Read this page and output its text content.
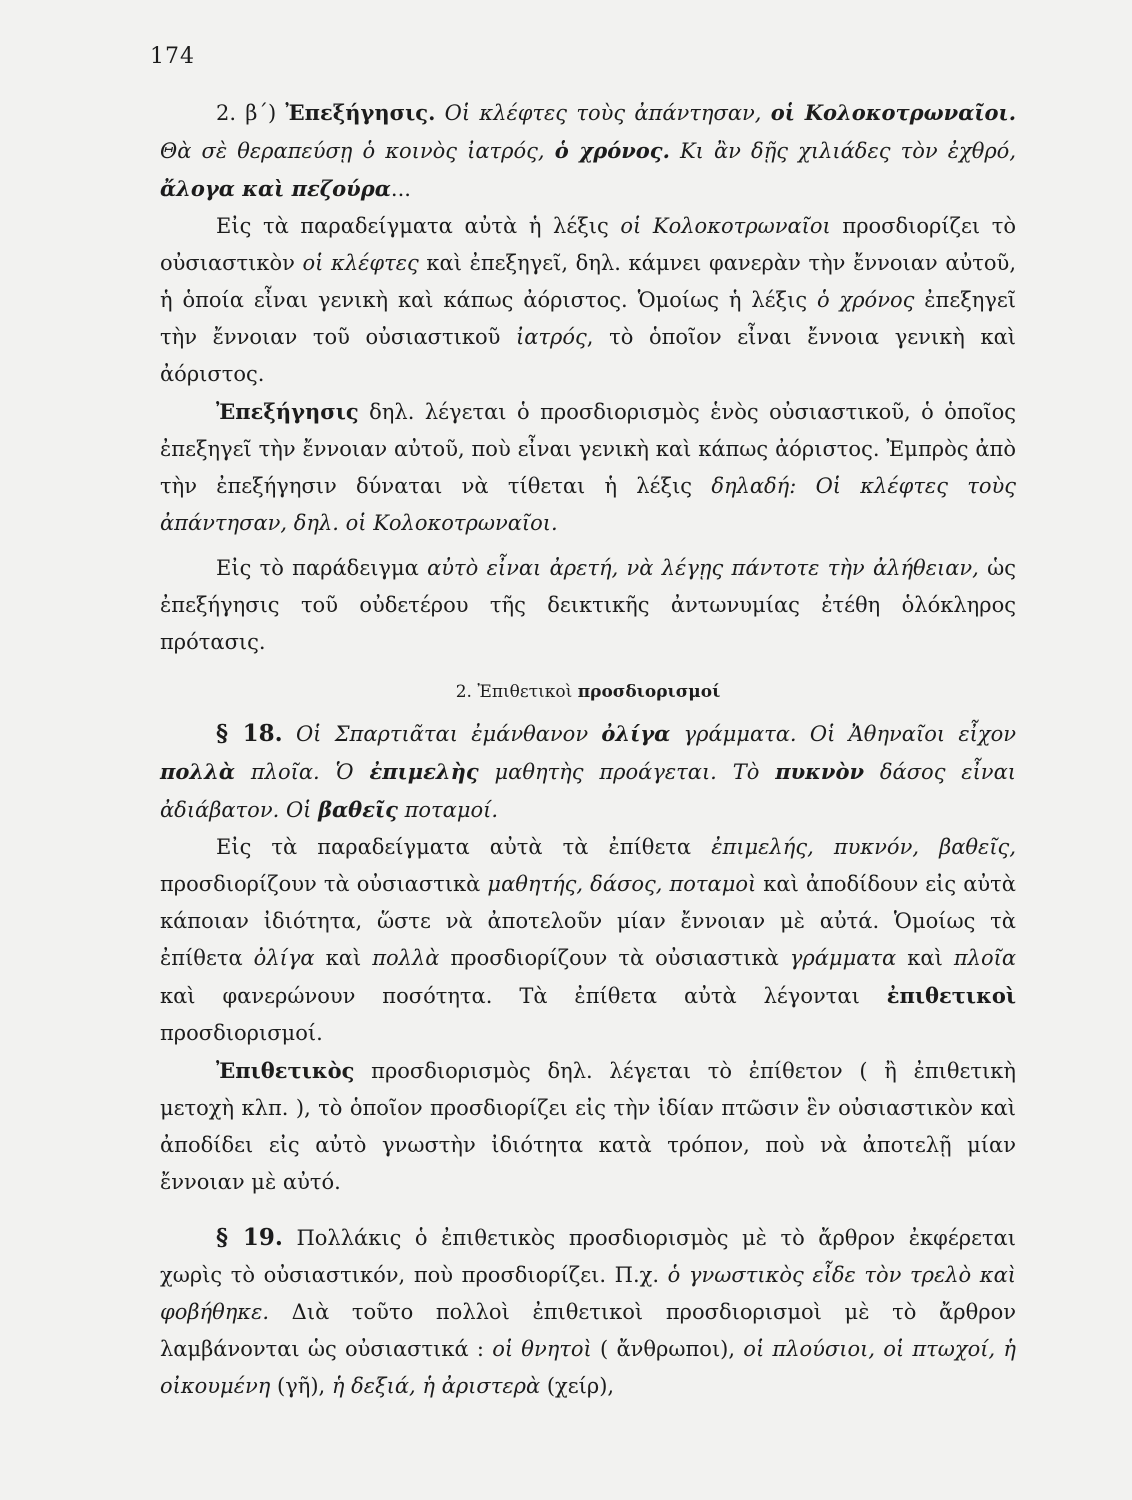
174

2. β΄) Ἐπεξήγησις. Οἱ κλέφτες τοὺς ἀπάντησαν, οἱ Κολοκοτρωναῖοι. Θὰ σὲ θεραπεύσῃ ὁ κοινὸς ἰατρός, ὁ χρόνος. Κι ἂν δῇς χιλιάδες τὸν ἐχθρό, ἄλογα καὶ πεζούρα...

Εἰς τὰ παραδείγματα αὐτὰ ἡ λέξις οἱ Κολοκοτρωναῖοι προσδιορίζει τὸ οὐσιαστικὸν οἱ κλέφτες καὶ ἐπεξηγεῖ, δηλ. κάμνει φανερὰν τὴν ἔννοιαν αὐτοῦ, ἡ ὁποία εἶναι γενικὴ καὶ κάπως ἀόριστος. Ὁμοίως ἡ λέξις ὁ χρόνος ἐπεξηγεῖ τὴν ἔννοιαν τοῦ οὐσιαστικοῦ ἰατρός, τὸ ὁποῖον εἶναι ἔννοια γενικὴ καὶ ἀόριστος.

Ἐπεξήγησις δηλ. λέγεται ὁ προσδιορισμὸς ἑνὸς οὐσιαστικοῦ, ὁ ὁποῖος ἐπεξηγεῖ τὴν ἔννοιαν αὐτοῦ, ποὺ εἶναι γενικὴ καὶ κάπως ἀόριστος. Ἐμπρὸς ἀπὸ τὴν ἐπεξήγησιν δύναται νὰ τίθεται ἡ λέξις δηλαδή: Οἱ κλέφτες τοὺς ἀπάντησαν, δηλ. οἱ Κολοκοτρωναῖοι.

Εἰς τὸ παράδειγμα αὐτὸ εἶναι ἀρετή, νὰ λέγῃς πάντοτε τὴν ἀλήθειαν, ὡς ἐπεξήγησις τοῦ οὐδετέρου τῆς δεικτικῆς ἀντωνυμίας ἐτέθη ὁλόκληρος πρότασις.

2. Ἐπιθετικοὶ προσδιορισμοί

§ 18. Οἱ Σπαρτιᾶται ἐμάνθανον ὀλίγα γράμματα. Οἱ Ἀθηναῖοι εἶχον πολλὰ πλοῖα. Ὁ ἐπιμελὴς μαθητὴς προάγεται. Τὸ πυκνὸν δάσος εἶναι ἀδιάβατον. Οἱ βαθεῖς ποταμοί.

Εἰς τὰ παραδείγματα αὐτὰ τὰ ἐπίθετα ἐπιμελής, πυκνόν, βαθεῖς, προσδιορίζουν τὰ οὐσιαστικὰ μαθητής, δάσος, ποταμοὶ καὶ ἀποδίδουν εἰς αὐτὰ κάποιαν ἰδιότητα, ὥστε νὰ ἀποτελοῦν μίαν ἔννοιαν μὲ αὐτά. Ὁμοίως τὰ ἐπίθετα ὀλίγα καὶ πολλὰ προσδιορίζουν τὰ οὐσιαστικὰ γράμματα καὶ πλοῖα καὶ φανερώνουν ποσότητα. Τὰ ἐπίθετα αὐτὰ λέγονται ἐπιθετικοὶ προσδιορισμοί.

Ἐπιθετικὸς προσδιορισμὸς δηλ. λέγεται τὸ ἐπίθετον ( ἢ ἐπιθετικὴ μετοχὴ κλπ. ), τὸ ὁποῖον προσδιορίζει εἰς τὴν ἰδίαν πτῶσιν ἓν οὐσιαστικὸν καὶ ἀποδίδει εἰς αὐτὸ γνωστὴν ἰδιότητα κατὰ τρόπον, ποὺ νὰ ἀποτελῇ μίαν ἔννοιαν μὲ αὐτό.

§ 19. Πολλάκις ὁ ἐπιθετικὸς προσδιορισμὸς μὲ τὸ ἄρθρον ἐκφέρεται χωρὶς τὸ οὐσιαστικόν, ποὺ προσδιορίζει. Π.χ. ὁ γνωστικὸς εἶδε τὸν τρελὸ καὶ φοβήθηκε. Διὰ τοῦτο πολλοὶ ἐπιθετικοὶ προσδιορισμοὶ μὲ τὸ ἄρθρον λαμβάνονται ὡς οὐσιαστικά : οἱ θνητοὶ ( ἄνθρωποι), οἱ πλούσιοι, οἱ πτωχοί, ἡ οἰκουμένη (γῆ), ἡ δεξιά, ἡ ἀριστερὰ (χείρ),
